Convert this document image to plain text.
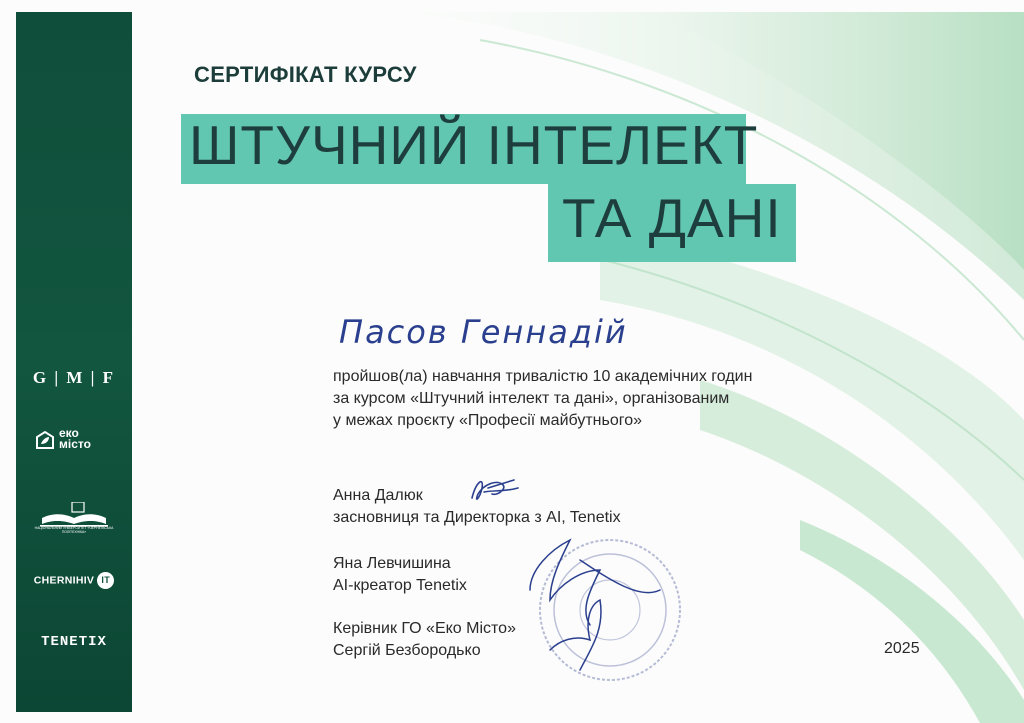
G | M | F
еко
місто
НАЦІОНАЛЬНИЙ УНІВЕРСИТЕТ «ЧЕРНІГІВСЬКА ПОЛІТЕХНІКА»
CHERNIHIV IT
TENETIX
СЕРТИФІКАТ КУРСУ
ШТУЧНИЙ ІНТЕЛЕКТ
ТА ДАНІ
Пасов Геннадій
пройшов(ла) навчання тривалістю 10 академічних годин
за курсом «Штучний інтелект та дані», організованим
у межах проєкту «Професії майбутнього»
Анна Далюк
засновниця та Директорка з AI, Tenetix
Яна Левчишина
AI-креатор Tenetix
Керівник ГО «Еко Місто»
Сергій Безбородько	2025
